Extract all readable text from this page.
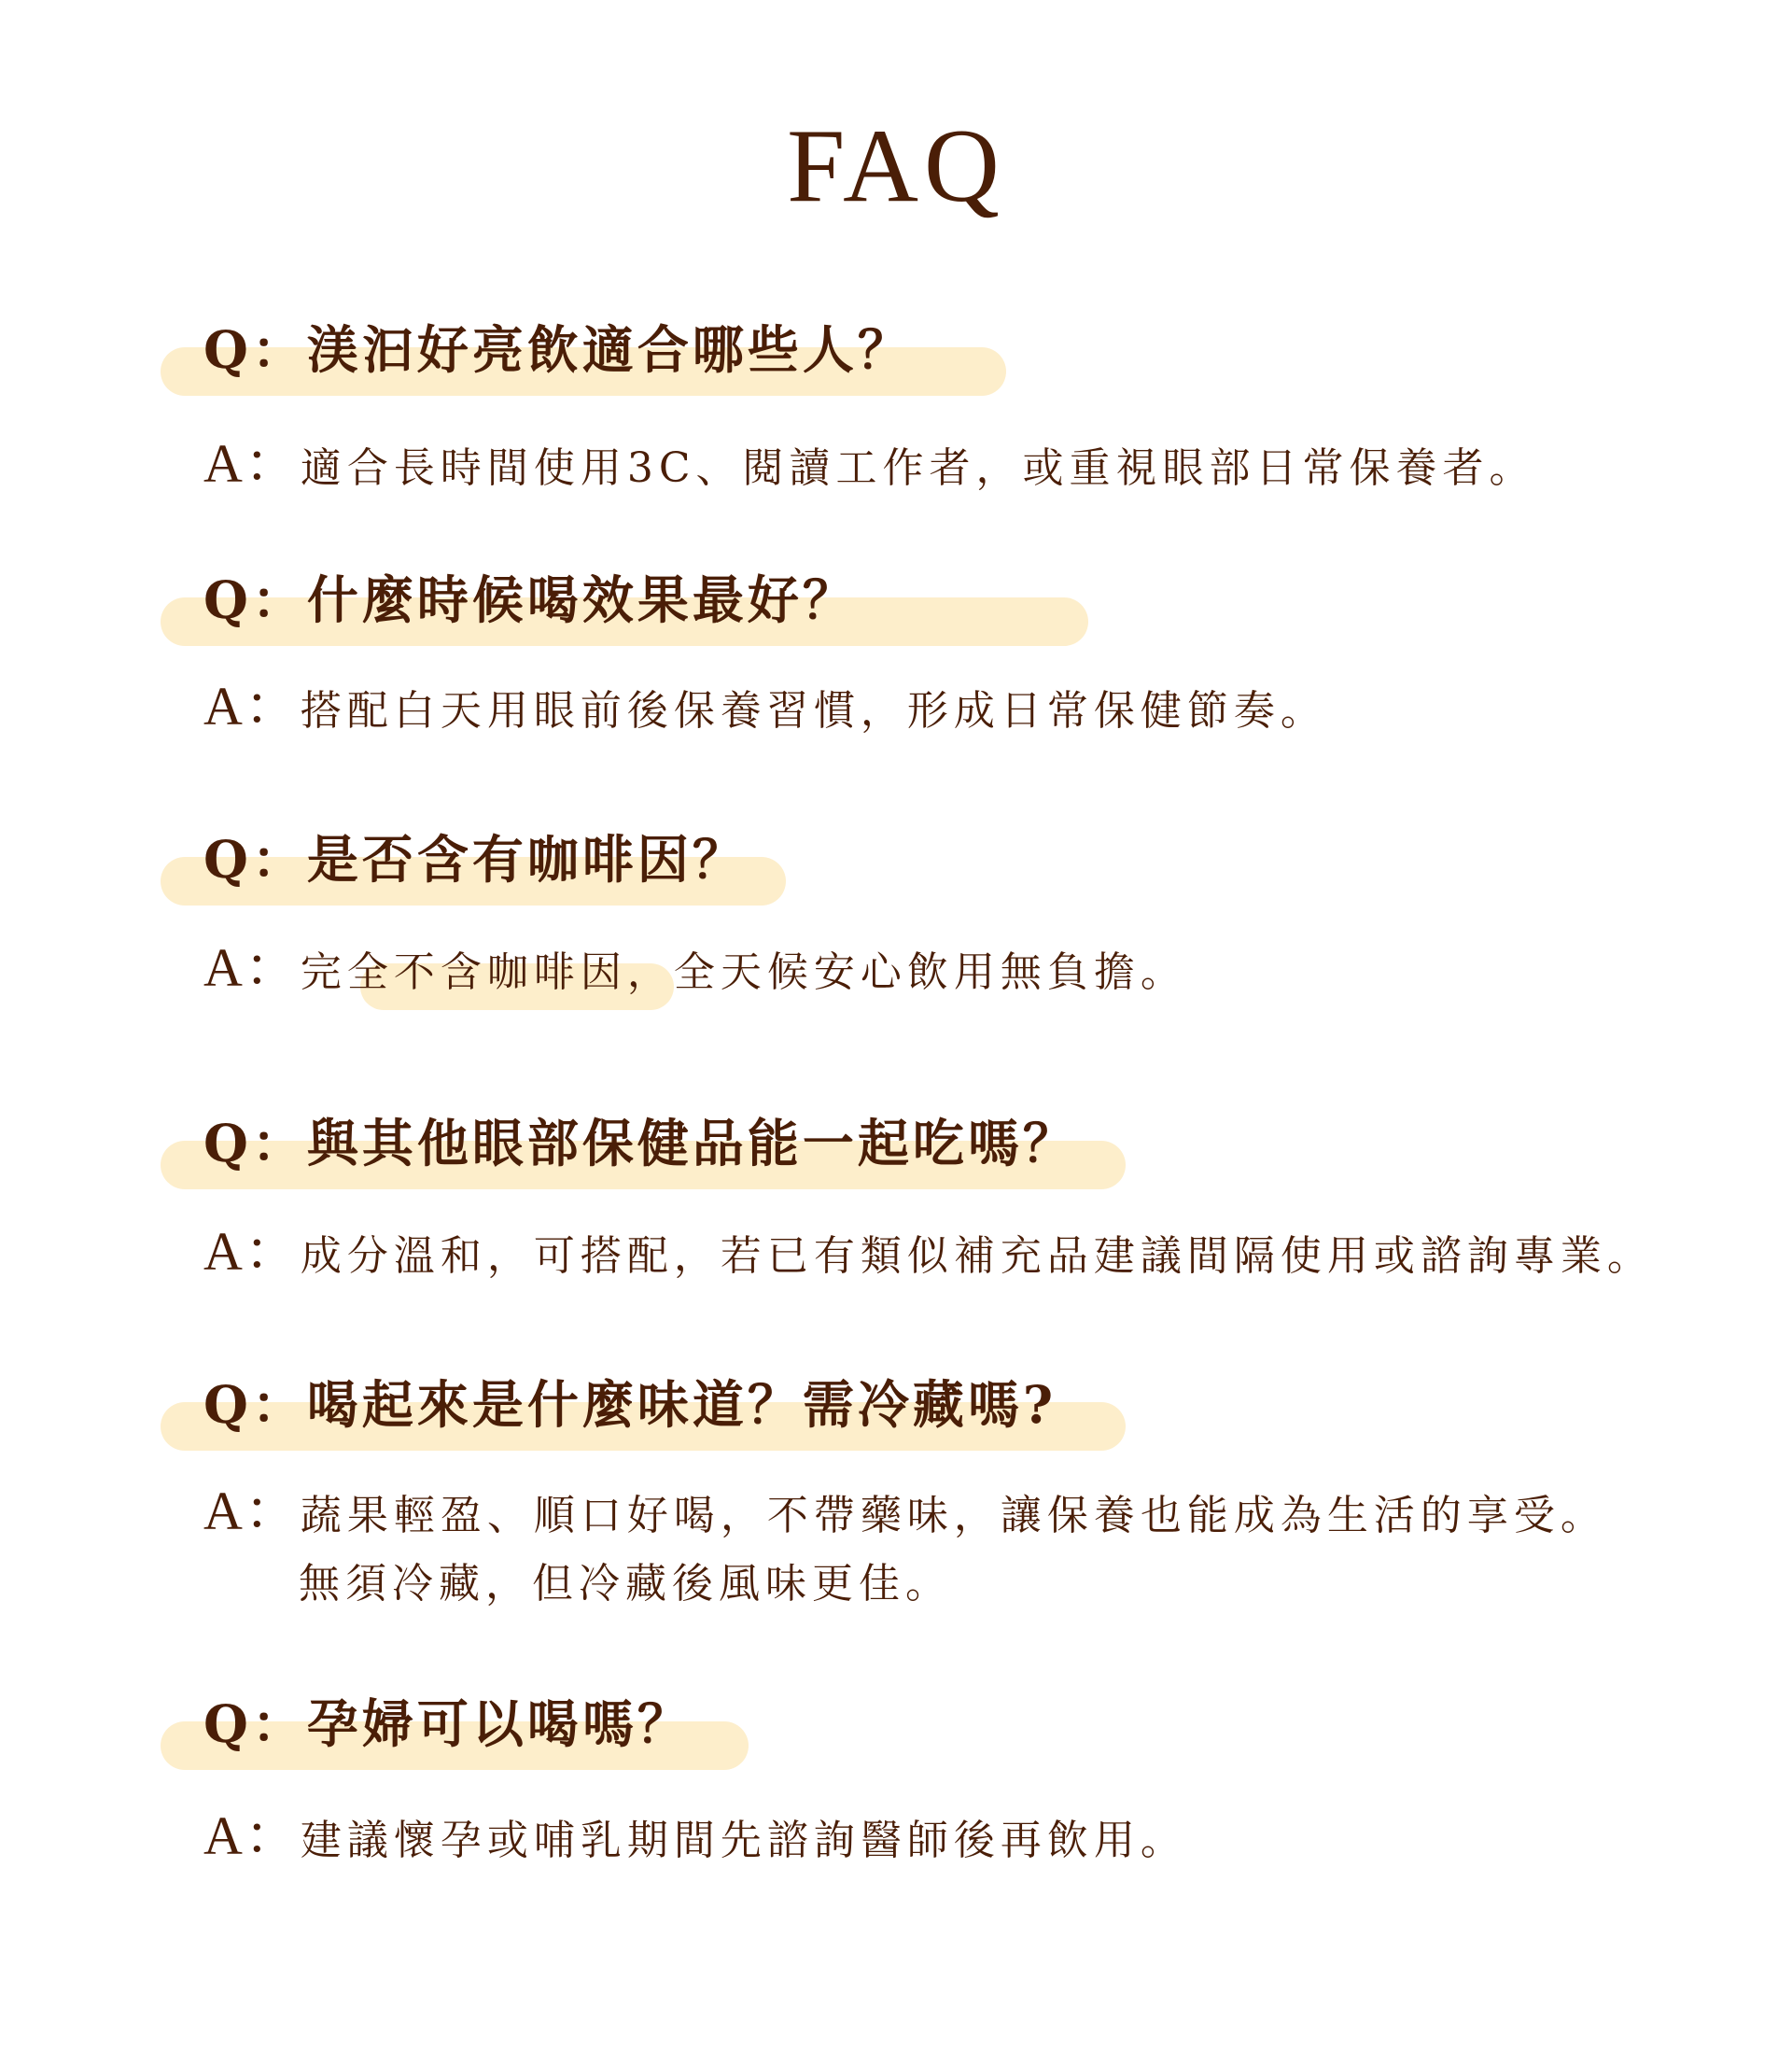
FAQ
Q：渼汩好亮飲適合哪些人？
A：適合長時間使用3C、閱讀工作者，或重視眼部日常保養者。
Q：什麼時候喝效果最好？
A：搭配白天用眼前後保養習慣，形成日常保健節奏。
Q：是否含有咖啡因？
A：完全不含咖啡因，全天候安心飲用無負擔。
Q：與其他眼部保健品能一起吃嗎？
A：成分溫和，可搭配，若已有類似補充品建議間隔使用或諮詢專業。
Q：喝起來是什麼味道？需冷藏嗎?
A：蔬果輕盈、順口好喝，不帶藥味，讓保養也能成為生活的享受。
無須冷藏，但冷藏後風味更佳。
Q：孕婦可以喝嗎？
A：建議懷孕或哺乳期間先諮詢醫師後再飲用。
